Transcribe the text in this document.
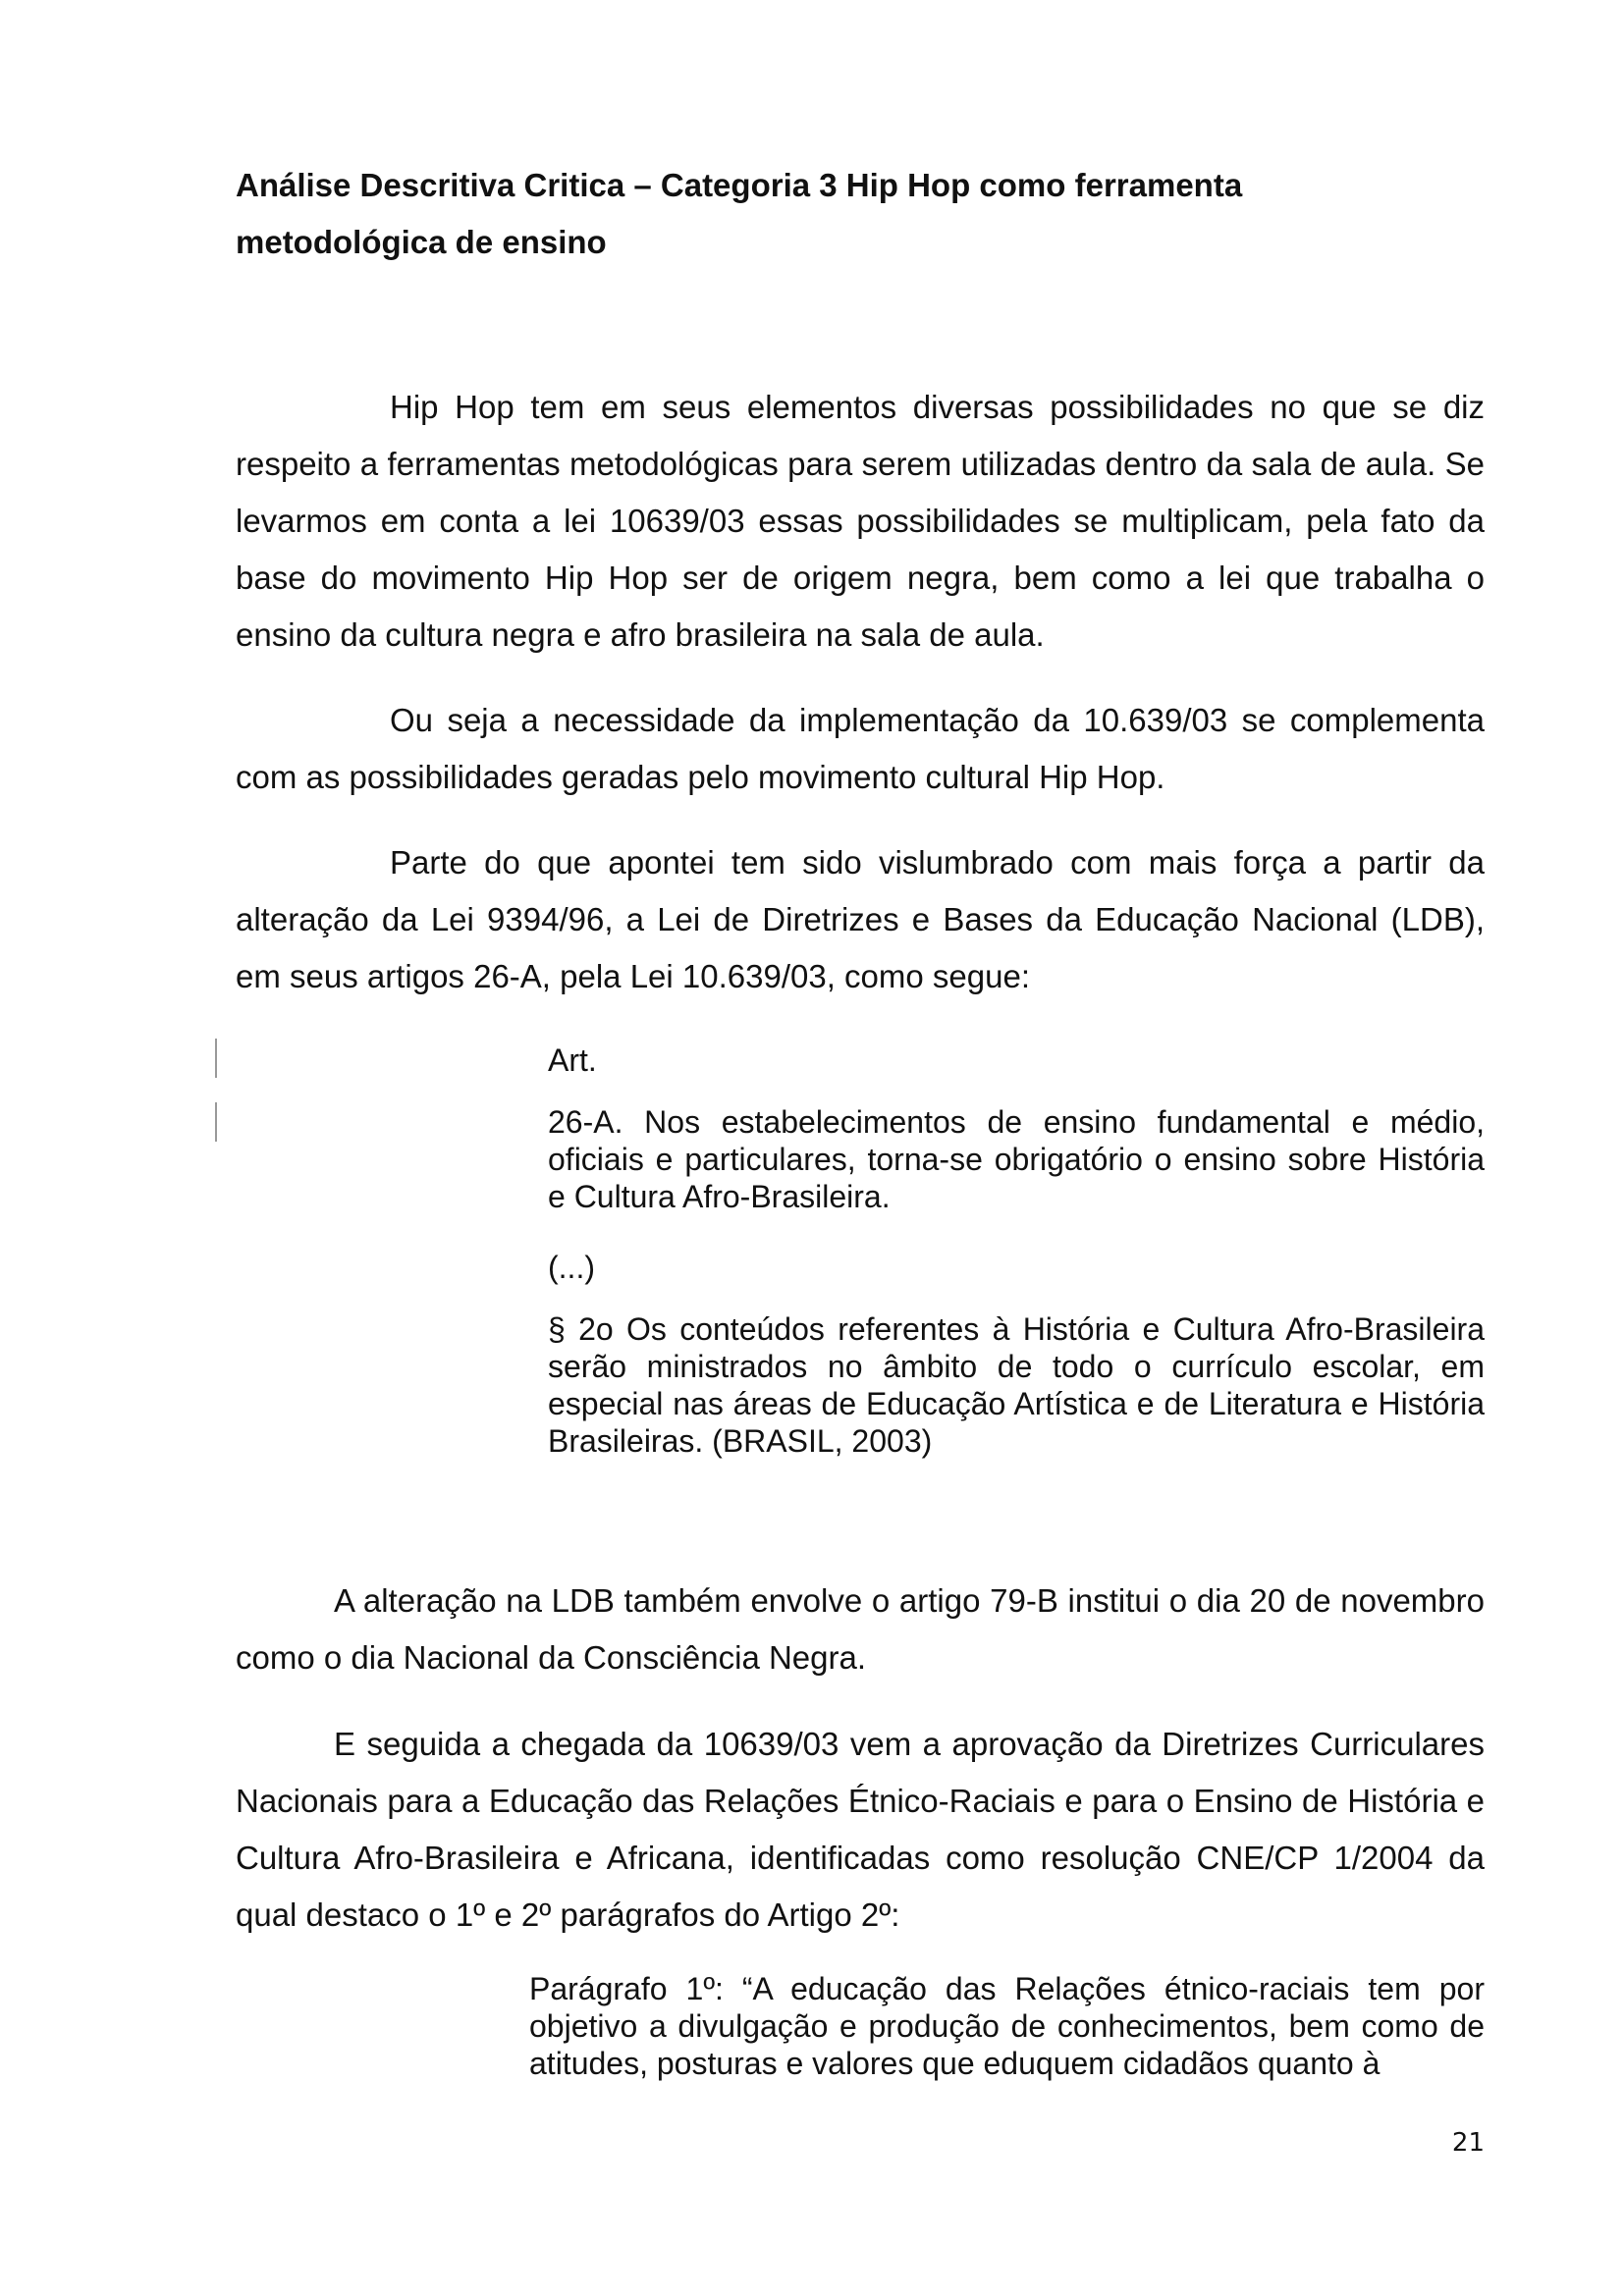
Análise Descritiva Critica – Categoria 3 Hip Hop como ferramenta
metodológica de ensino

Hip Hop tem em seus elementos diversas possibilidades no que se diz respeito a ferramentas metodológicas para serem utilizadas dentro da sala de aula. Se levarmos em conta a lei 10639/03 essas possibilidades se multiplicam, pela fato da base do movimento Hip Hop ser de origem negra, bem como a lei que trabalha o ensino da cultura negra e afro brasileira na sala de aula.

Ou seja a necessidade da implementação da 10.639/03 se complementa com as possibilidades geradas pelo movimento cultural Hip Hop.

Parte do que apontei tem sido vislumbrado com mais força a partir da alteração da Lei 9394/96, a Lei de Diretrizes e Bases da Educação Nacional (LDB), em seus artigos 26-A, pela Lei 10.639/03, como segue:

Art.

26-A. Nos estabelecimentos de ensino fundamental e médio, oficiais e particulares, torna-se obrigatório o ensino sobre História e Cultura Afro-Brasileira.

(...)

§ 2o Os conteúdos referentes à História e Cultura Afro-Brasileira serão ministrados no âmbito de todo o currículo escolar, em especial nas áreas de Educação Artística e de Literatura e História Brasileiras. (BRASIL, 2003)

A alteração na LDB também envolve o artigo 79-B institui o dia 20 de novembro como o dia Nacional da Consciência Negra.

E seguida a chegada da 10639/03 vem a aprovação da Diretrizes Curriculares Nacionais para a Educação das Relações Étnico-Raciais e para o Ensino de História e Cultura Afro-Brasileira e Africana, identificadas como resolução CNE/CP 1/2004 da qual destaco o 1º e 2º parágrafos do Artigo 2º:

Parágrafo 1º: “A educação das Relações étnico-raciais tem por objetivo a divulgação e produção de conhecimentos, bem como de atitudes, posturas e valores que eduquem cidadãos quanto à

21
